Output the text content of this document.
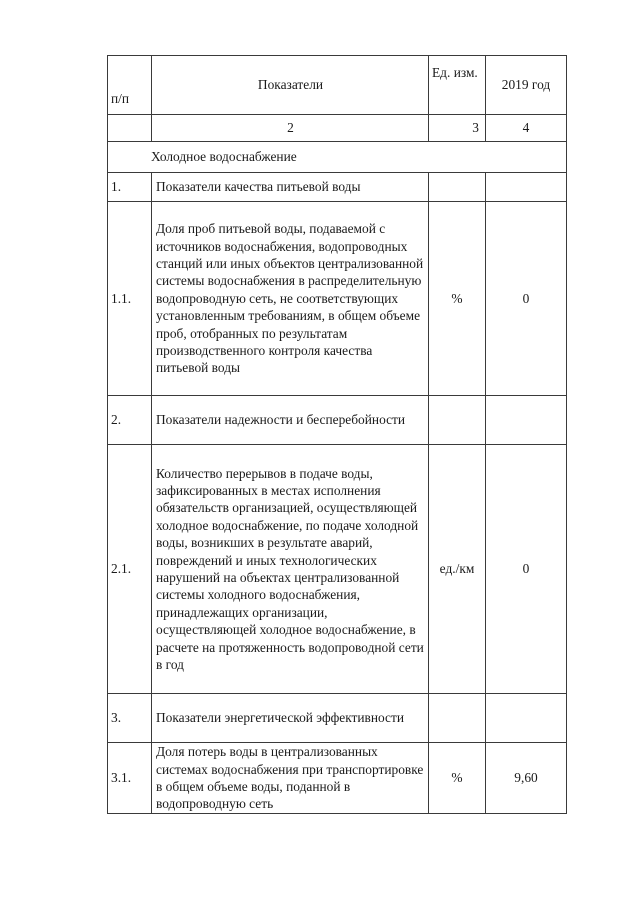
п/п	Показатели	Ед. изм.	2019 год
	2	3	4
Холодное водоснабжение			
1.	Показатели качества питьевой воды		
1.1.	Доля проб питьевой воды, подаваемой с источников водоснабжения, водопроводных станций или иных объектов централизованной системы водоснабжения в распределительную водопроводную сеть, не соответствующих установленным требованиям, в общем объеме проб, отобранных по результатам производственного контроля качества питьевой воды	%	0
2.	Показатели надежности и бесперебойности		
2.1.	Количество перерывов в подаче воды, зафиксированных в местах исполнения обязательств организацией, осуществляющей холодное водоснабжение, по подаче холодной воды, возникших в результате аварий, повреждений и иных технологических нарушений на объектах централизованной системы холодного водоснабжения, принадлежащих организации, осуществляющей холодное водоснабжение, в расчете на протяженность водопроводной сети в год	ед./км	0
3.	Показатели энергетической эффективности		
3.1.	Доля потерь воды в централизованных системах водоснабжения при транспортировке в общем объеме воды, поданной в водопроводную сеть	%	9,60
